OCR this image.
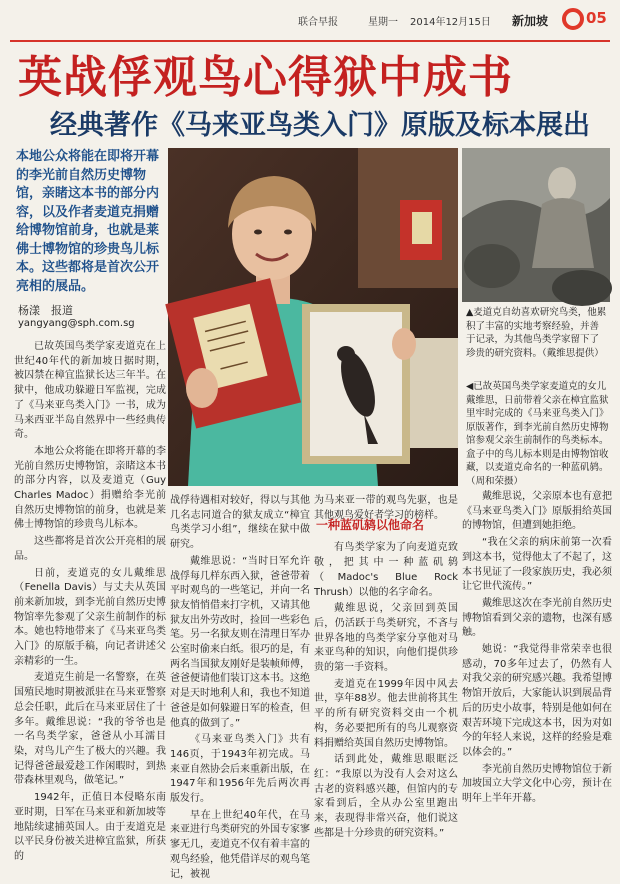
联合早报	星期一 2014年12月15日 新加坡	05
英战俘观鸟心得狱中成书
经典著作《马来亚鸟类入门》原版及标本展出
本地公众将能在即将开幕的李光前自然历史博物馆，亲睹这本书的部分内容，以及作者麦道克捐赠给博物馆前身，也就是莱佛士博物馆的珍贵鸟儿标本。这些都将是首次公开亮相的展品。
杨漾　报道
yangyang@sph.com.sg
▲麦道克自幼喜欢研究鸟类，他累积了丰富的实地考察经验，并善于记录，为其他鸟类学家留下了珍贵的研究资料。（戴维思提供）
◀已故英国鸟类学家麦道克的女儿戴维思，日前带着父亲在樟宜监狱里牢时完成的《马来亚鸟类入门》原版著作，到李光前自然历史博物馆参观父亲生前制作的鸟类标本。盒子中的鸟儿标本则是由博物馆收藏，以麦道克命名的一种蓝矶鸫。（周和荣摄）

已故英国鸟类学家麦道克在上世纪40年代的新加坡日据时期，被囚禁在樟宜监狱长达三年半。在狱中，他成功躲避日军监视，完成了《马来亚鸟类入门》一书，成为马来西亚半岛自然界中一些经典传奇。

本地公众将能在即将开幕的李光前自然历史博物馆，亲睹这本书的部分内容，以及麦道克（Guy Charles Madoc）捐赠给李光前自然历史博物馆的前身，也就是莱佛士博物馆的珍贵鸟儿标本。

这些都将是首次公开亮相的展品。

日前，麦道克的女儿戴维思（Fenella Davis）与丈夫从英国前来新加坡，到李光前自然历史博物馆率先参观了父亲生前制作的标本。她也特地带来了《马来亚鸟类入门》的原版手稿，向记者讲述父亲精彩的一生。

麦道克生前是一名警察，在英国殖民地时期被派驻在马来亚警察总会任职，此后在马来亚居住了十多年。戴维思说：“我的爷爷也是一名鸟类学家，爸爸从小耳濡目染，对鸟儿产生了极大的兴趣。我记得爸爸最爱趁工作闲暇时，到热带森林里观鸟，做笔记。”

1942年，正值日本侵略东南亚时期，日军在马来亚和新加坡等地陆续逮捕英国人。由于麦道克是以平民身份被关进樟宜监狱，所获的

战俘待遇相对较好，得以与其他几名志同道合的狱友成立“樟宜鸟类学习小组”，继续在狱中做研究。

戴维思说：“当时日军允许战俘每几样东西入狱，爸爸带着平时观鸟的一些笔记，并向一名狱友悄悄借来打字机，又请其他狱友出外劳改时，捡回一些彩色笔。另一名狱友则在清理日军办公室时偷来白纸。很巧的是，有两名当国狱友刚好是装帧师傅，爸爸便请他们装订这本书。这绝对是天时地利人和，我也不知道爸爸是如何躲避日军的检查，但他真的做到了。”

《马来亚鸟类入门》共有146页，于1943年初完成。马来亚自然协会后来重新出版，在1947年和1956年先后两次再版发行。

早在上世纪40年代，在马来亚进行鸟类研究的外国专家寥寥无几，麦道克不仅有着丰富的观鸟经验，他凭借详尽的观鸟笔记，被视

为马来亚一带的观鸟先驱，也是其他观鸟爱好者学习的榜样。

有鸟类学家为了向麦道克致敬，把其中一种蓝矶鸫（Madoc's Blue Rock Thrush）以他的名字命名。

戴维思说，父亲回到英国后，仍活跃于鸟类研究，不吝与世界各地的鸟类学家分享他对马来亚鸟种的知识，向他们提供珍贵的第一手资料。

麦道克在1999年因中风去世，享年88岁。他去世前将其生平的所有研究资料交由一个机构，务必要把所有的鸟儿观察资料捐赠给英国自然历史博物馆。

话到此处，戴维思眼眶泛红：“我原以为没有人会对这么古老的资料感兴趣，但馆内的专家看到后，全从办公室里跑出来，表现得非常兴奋，他们说这些都是十分珍贵的研究资料。”

一种蓝矶鸫以他命名

戴维思说，父亲原本也有意把《马来亚鸟类入门》原版捐给英国的博物馆，但遭到她拒绝。

“我在父亲的病床前第一次看到这本书，觉得他太了不起了，这本书见证了一段家族历史，我必须让它世代流传。”

戴维思这次在李光前自然历史博物馆看到父亲的遗物，也深有感触。

她说：“我觉得非常荣幸也很感动，70多年过去了，仍然有人对我父亲的研究感兴趣。我希望博物馆开放后，大家能认识到展品背后的历史小故事，特别是他如何在艰苦环境下完成这本书，因为对如今的年轻人来说，这样的经验是难以体会的。”

李光前自然历史博物馆位于新加坡国立大学文化中心旁，预计在明年上半年开幕。
